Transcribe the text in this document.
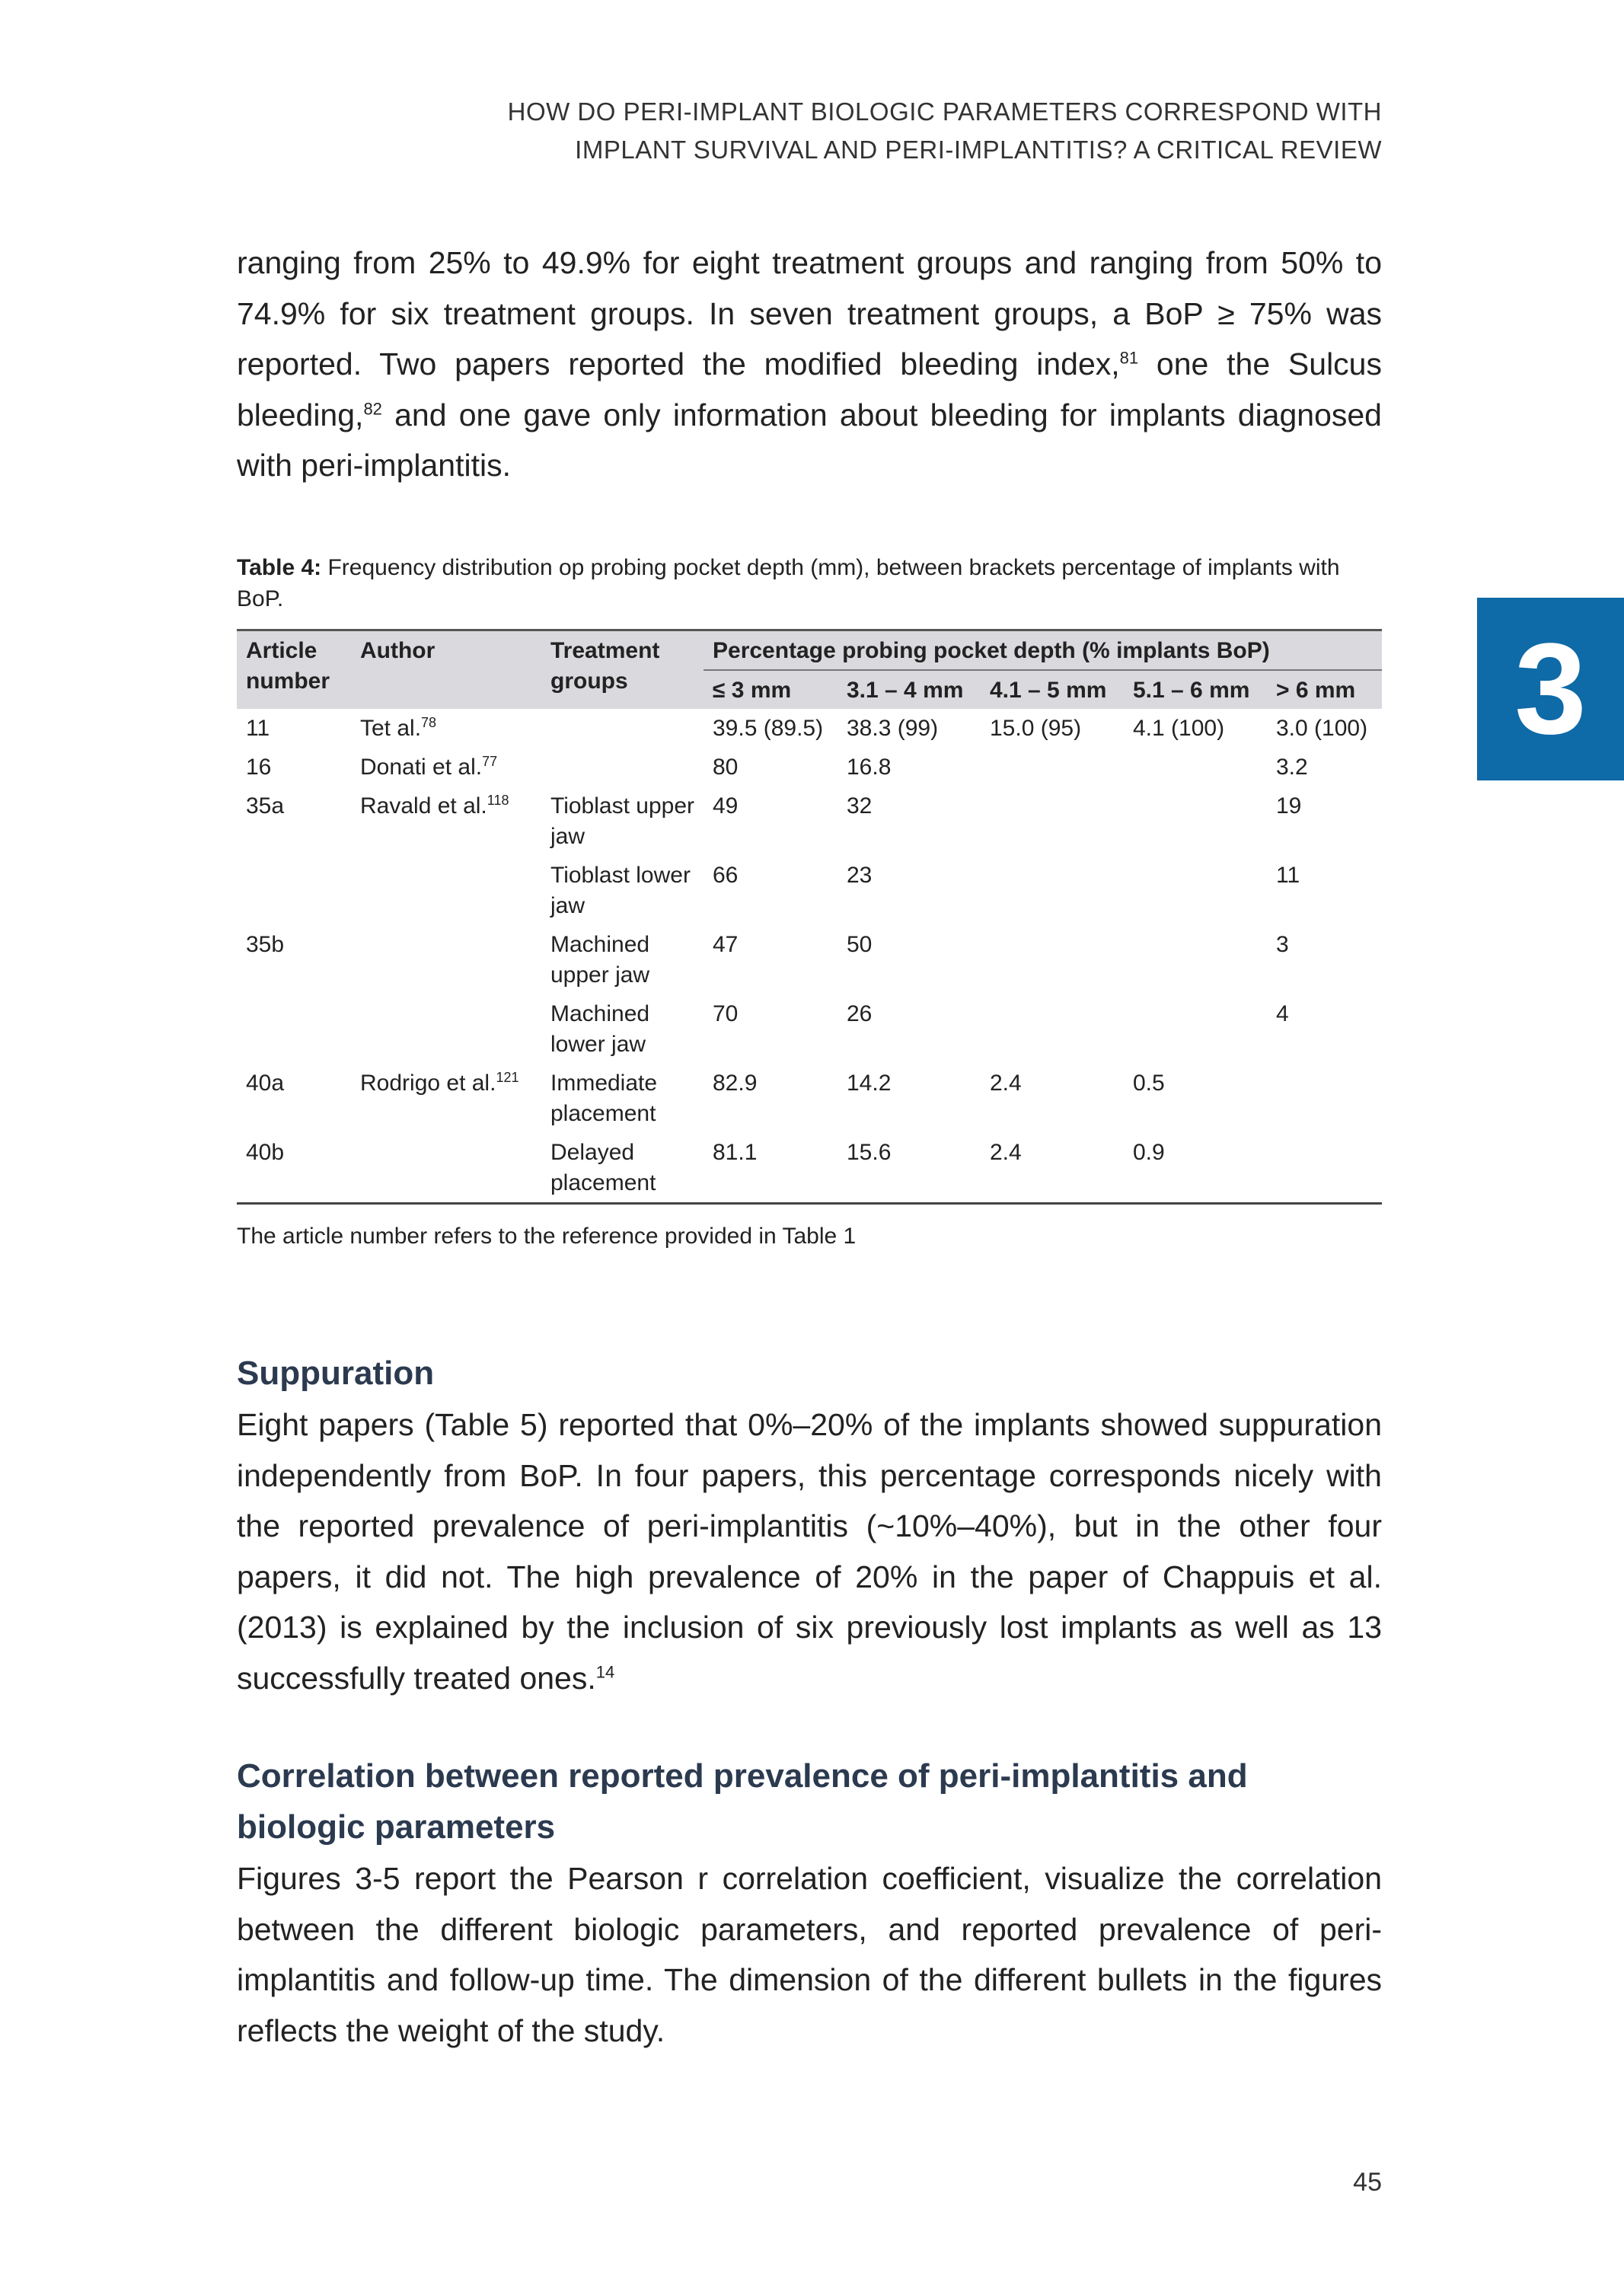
HOW DO PERI-IMPLANT BIOLOGIC PARAMETERS CORRESPOND WITH
IMPLANT SURVIVAL AND PERI-IMPLANTITIS? A CRITICAL REVIEW
3

ranging from 25% to 49.9% for eight treatment groups and ranging from 50% to 74.9% for six treatment groups. In seven treatment groups, a BoP ≥ 75% was reported. Two papers reported the modified bleeding index,$^{81}$ one the Sulcus bleeding,$^{82}$ and one gave only information about bleeding for implants diagnosed with peri-implantitis.

Table 4: Frequency distribution op probing pocket depth (mm), between brackets percentage of implants with BoP.

Article number	Author	Treatment groups	Percentage probing pocket depth (% implants BoP)				
			≤ 3 mm	3.1 – 4 mm	4.1 – 5 mm	5.1 – 6 mm	> 6 mm
11	Tet al.$^{78}$		39.5 (89.5)	38.3 (99)	15.0 (95)	4.1 (100)	3.0 (100)
16	Donati et al.$^{77}$		80	16.8			3.2
35a	Ravald et al.$^{118}$	Tioblast upper jaw	49	32			19
		Tioblast lower jaw	66	23			11
35b		Machined upper jaw	47	50			3
		Machined lower jaw	70	26			4
40a	Rodrigo et al.$^{121}$	Immediate placement	82.9	14.2	2.4	0.5	
40b		Delayed placement	81.1	15.6	2.4	0.9	

The article number refers to the reference provided in Table 1

Suppuration

Eight papers (Table 5) reported that 0%–20% of the implants showed suppuration independently from BoP. In four papers, this percentage corresponds nicely with the reported prevalence of peri-implantitis (~10%–40%), but in the other four papers, it did not. The high prevalence of 20% in the paper of Chappuis et al. (2013) is explained by the inclusion of six previously lost implants as well as 13 successfully treated ones.$^{14}$

Correlation between reported prevalence of peri-implantitis and biologic parameters

Figures 3-5 report the Pearson r correlation coefficient, visualize the correlation between the different biologic parameters, and reported prevalence of peri-implantitis and follow-up time. The dimension of the different bullets in the figures reflects the weight of the study.

45
